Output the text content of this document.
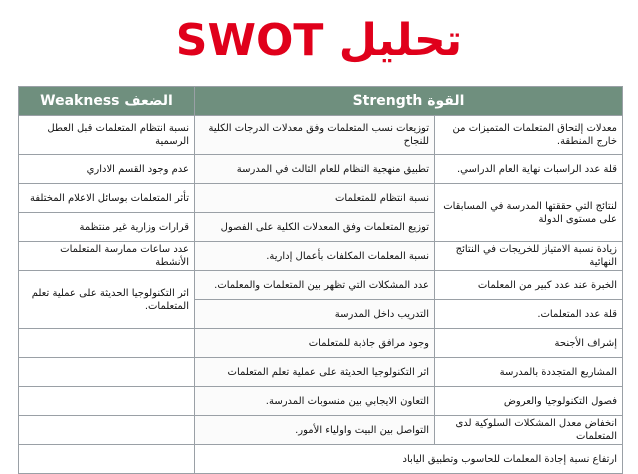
تحليل SWOT
القوة Strength		الضعف Weakness
معدلات إلتحاق المتعلمات المتميزات من خارج المنطقة.	توزيعات نسب المتعلمات وفق معدلات الدرجات الكلية للنجاح	نسبة انتظام المتعلمات قبل العطل الرسمية
قلة عدد الراسبات نهاية العام الدراسي.	تطبيق منهجية النظام للعام الثالث في المدرسة	عدم وجود القسم الاداري
لنتائج التي حققتها المدرسة في المسابقات على مستوى الدولة	نسبة انتظام للمتعلمات	تأثر المتعلمات بوسائل الاعلام المختلفة
	توزيع المتعلمات وفق المعدلات الكلية على الفصول	قرارات وزارية غير منتظمة
زيادة نسبة الامتياز للخريجات في النتائج النهائية	نسبة المعلمات المكلفات بأعمال إدارية.	عدد ساعات ممارسة المتعلمات الأنشطة
الخبرة عند عدد كبير من المعلمات	عدد المشكلات التي تظهر بين المتعلمات والمعلمات.	اثر التكنولوجيا الحديثة على عملية تعلم المتعلمات.
قلة عدد المتعلمات.	التدريب داخل المدرسة	
إشراف الأجنحة	وجود مرافق جاذبة للمتعلمات	
المشاريع المتجددة بالمدرسة	اثر التكنولوجيا الحديثة على عملية تعلم المتعلمات	
فصول التكنولوجيا والعروض	التعاون الايجابي بين منسوبات المدرسة.	
انخفاض معدل المشكلات السلوكية لدى المتعلمات	التواصل بين البيت واولياء الأمور.	
ارتفاع نسبة إجادة المعلمات للحاسوب وتطبيق الياباد		
